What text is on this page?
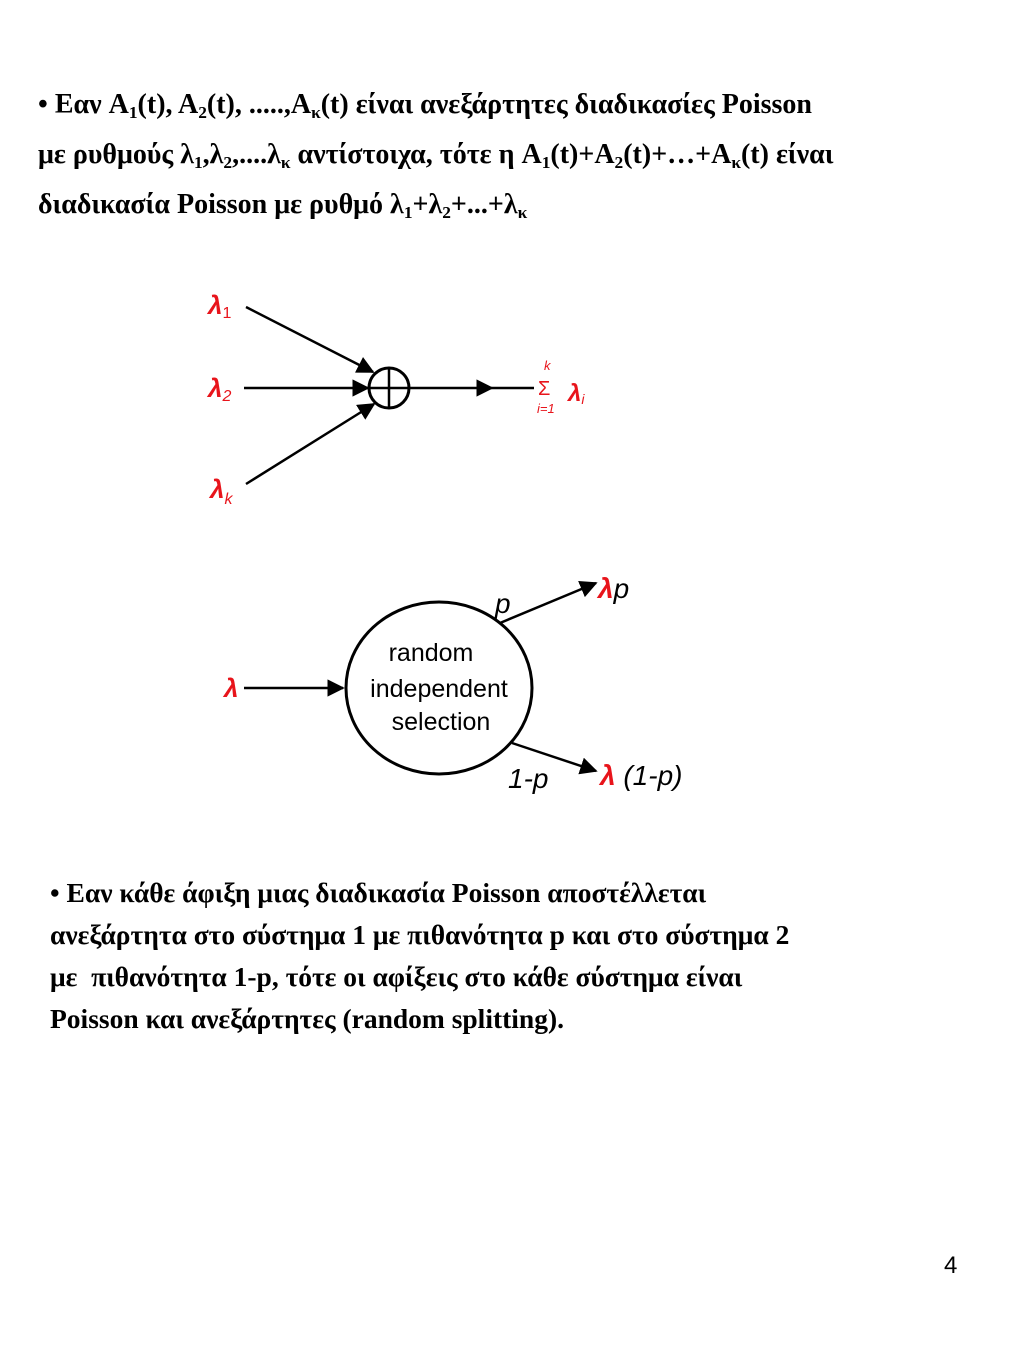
• Εαν $A_1(t)$, $A_2(t)$, $.....,A_\kappa(t)$ είναι ανεξάρτητες διαδικασίες Poisson
με ρυθμούς $\lambda_1,\lambda_2,....\lambda_\kappa$ αντίστοιχα, τότε η $A_1(t)+A_2(t)+\dots+A_\kappa(t)$ είναι
διαδικασία Poisson με ρυθμό $\lambda_1+\lambda_2+...+\lambda_\kappa$
λ1
λ2
$\lambda_k$
k
Σ
i=1
λi
random
independent
selection
λ
p
1-p
λp
λ (1-p)
• Εαν κάθε άφιξη μιας διαδικασία Poisson αποστέλλεται
ανεξάρτητα στο σύστημα 1 με πιθανότητα p και στο σύστημα 2
με  πιθανότητα 1-p, τότε οι αφίξεις στο κάθε σύστημα είναι
Poisson και ανεξάρτητες (random splitting).
4
